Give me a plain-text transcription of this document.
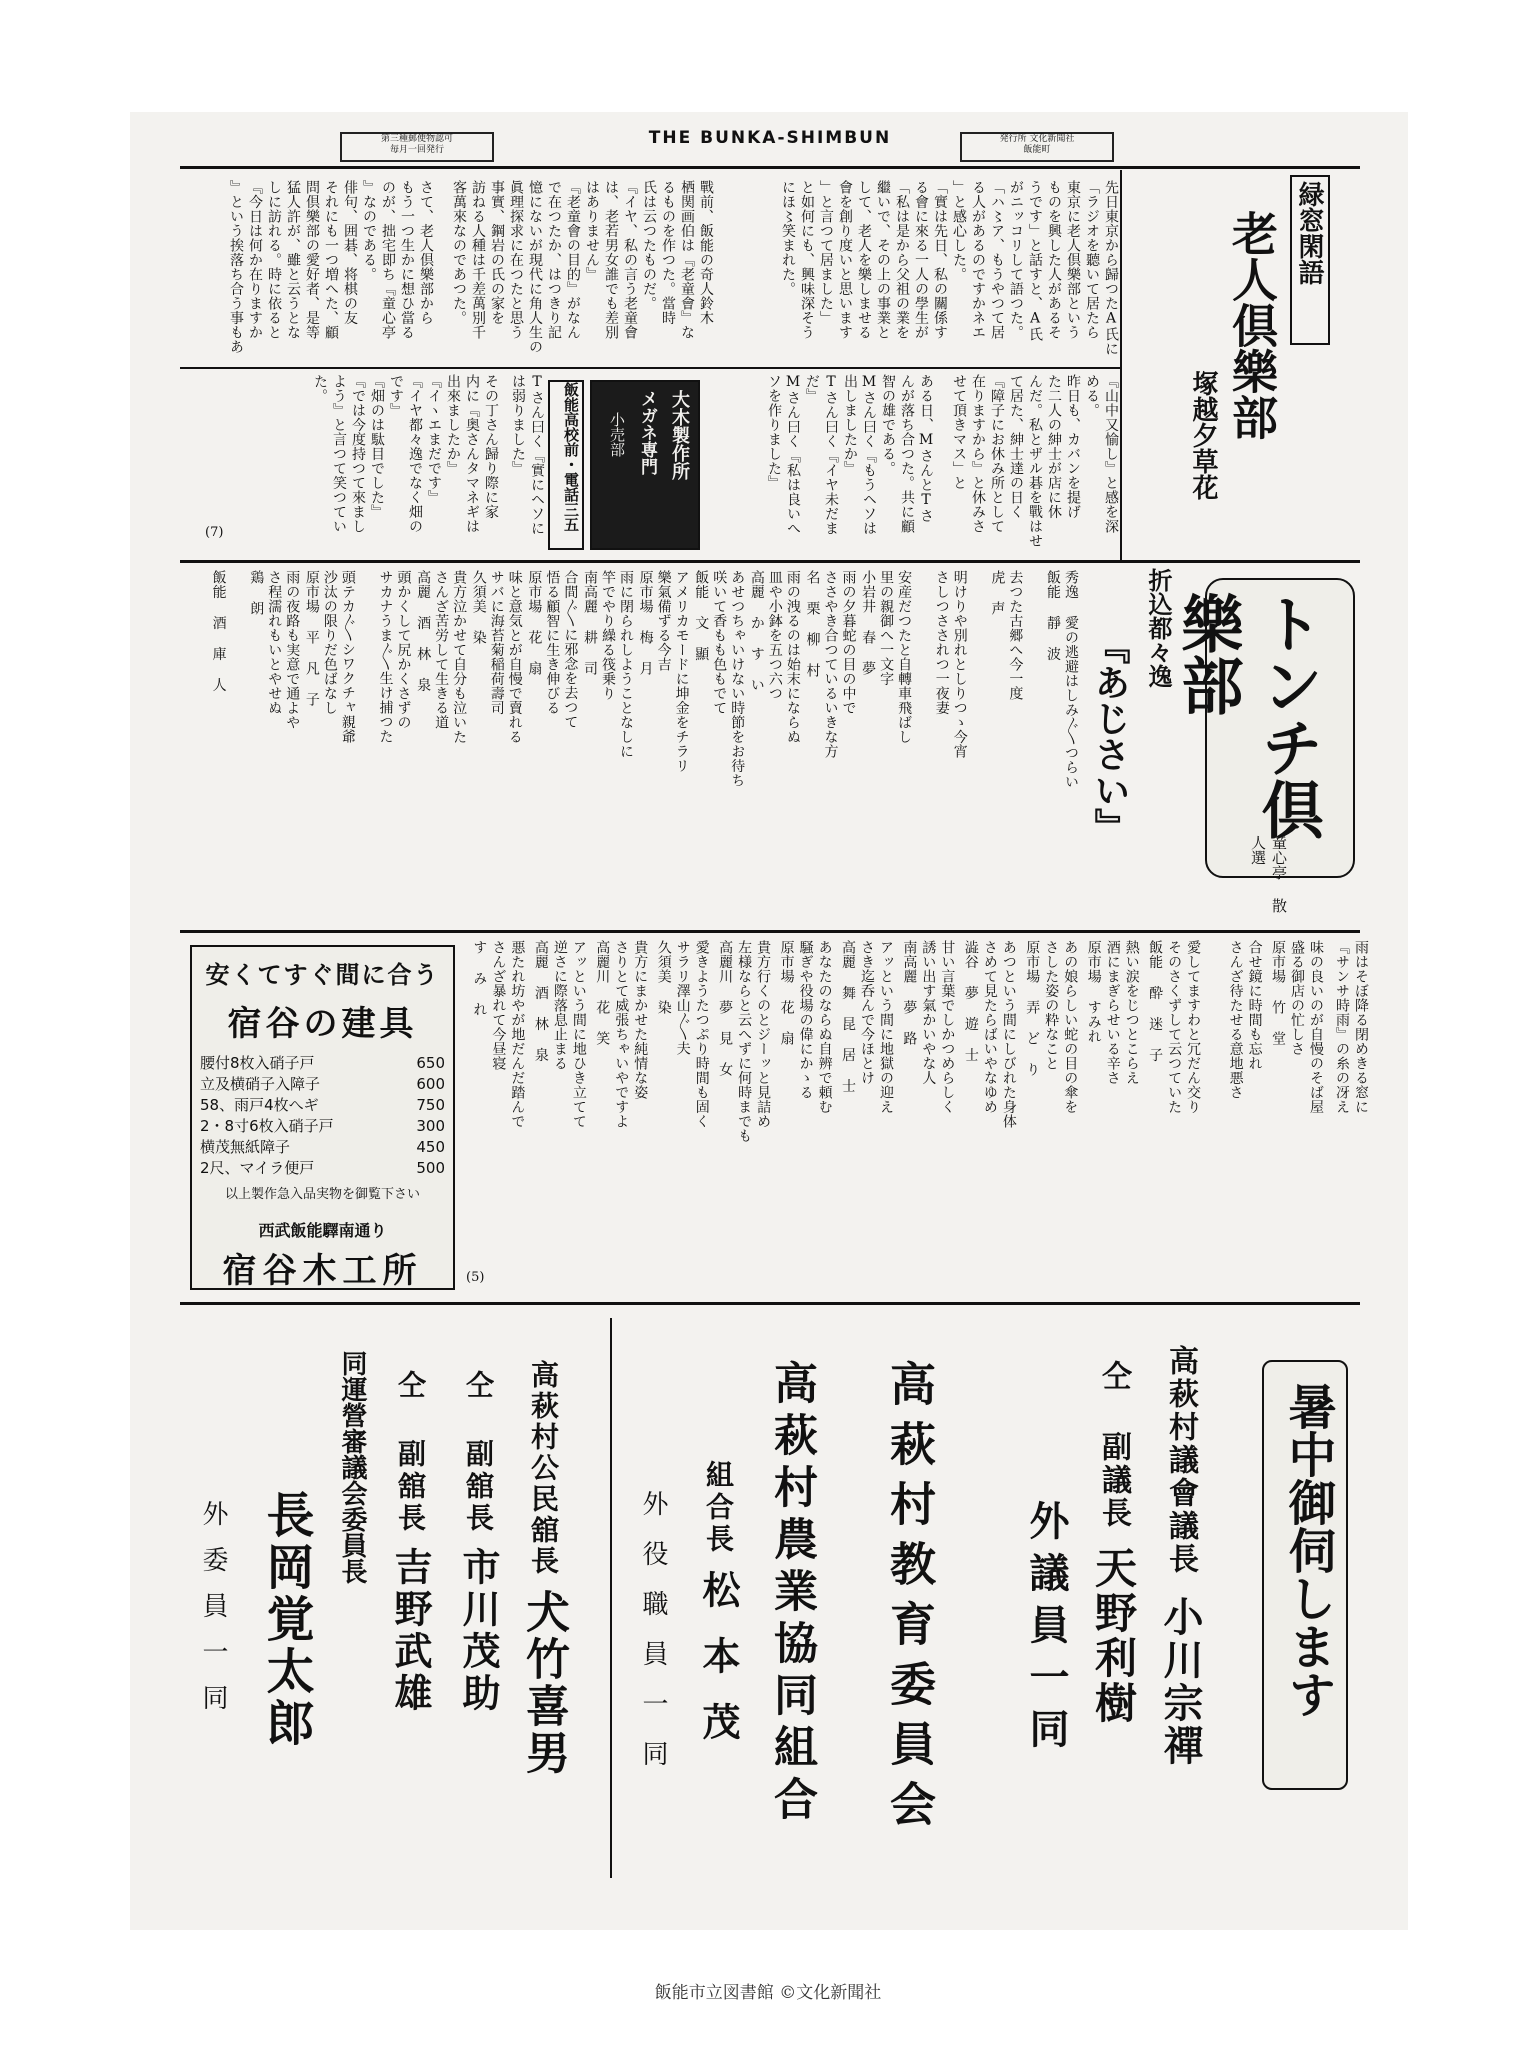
第三種郵便物認可
毎月一回発行
THE BUNKA-SHIMBUN	発行所 文化新聞社
飯能町
緑窓閑語
老人倶樂部
塚越夕草花
先日東京から歸つたA氏に
「ラジオを聽いて居たら
東京に老人倶樂部という
ものを興した人があるそ
うです」と話すと、A氏
がニッコリして語つた。
「ハ〻ア、もうやつて居
る人があるのですかネエ
」と感心した。
「實は先日、私の關係す
る會に來る一人の學生が
「私は是から父祖の業を
繼いで、その上の事業と
して、老人を樂しませる
會を創り度いと思います
」と言つて居ました」
と如何にも、興味深そう
にほ〻笑まれた。
戰前、飯能の奇人鈴木
栖関画伯は『老童會』な
るものを作つた。當時
氏は云つたものだ。
『イヤ、私の言う老童會
は、老若男女誰でも差別
はありません』
『老童會の目的』がなん
で在つたか、はつきり記
憶にないが現代に角人生の
眞理探求に在つたと思う
事實、鋼岩の氏の家を
訪ねる人種は千差萬別千
客萬來なのであつた。
さて、老人倶樂部から
もう一つ生かに想ひ當る
のが、拙宅即ち『童心亭
』なのである。
俳句、囲碁、将棋の友
それにも一つ増へた、顧
問倶樂部の愛好者、是等
猛人許が、雖と云うとな
しに訪れる。時に依ると
『今日は何か在りますか
』という挨落ち合う事もあ
『山中又愉し』と感を深
める。
昨日も、カバンを提げ
た二人の紳士が店に休
んだ。私とザル碁を戰はせ
て居た、紳士達の日く
『障子にお休み所として
在りますから』と休みさ
せて頂きマス」と
ある日、MさんとTさ
んが落ち合つた。共に顧
智の雄である。
Mさん曰く『もうヘソは
出しましたか』
Tさん曰く『イヤ未だま
だ』
Mさん曰く『私は良いへ
ソを作りました』
大木製作所
メガネ専門
小売部
飯能高校前・電話三五
Tさん曰く『實にヘソに
は弱りました』
その丁さん歸り際に家
内に『奥さんタマネギは
出來ましたか』
『イヽエまだです』
『イヤ都々逸でなく畑の
です』
『畑のは駄目でした』
『では今度持つて來まし
よう』と言つて笑つてい
た。
(7)
トンチ倶樂部
童心亭 散人選
折込都々逸
『あじさい』
秀逸 愛の逃避はしみ〲つらい
飯能 靜 波
去つた古郷へ今一度
虎 声
明けりや別れとしりつゝ今宵
さしつさされつ一夜妻

安産だつたと自轉車飛ばし
里の親御へ一文字
小岩井 春 夢
雨の夕暮蛇の目の中で
ささやき合つているいきな方
名 栗 柳 村
雨の洩るのは始末にならぬ
皿や小鉢を五つ六つ
高麗 か す い
あせつちゃいけない時節をお待ち
咲いて香もも色もでて
飯能 文 顯
アメリカモードに坤金をチラリ
樂氣備ずる今吉
原市場 梅 月
雨に閉られしようことなしに
竿でやり繰る筏乗り
南高麗 耕 司
合間〲に邪念を去つて
悟る顧智に生き伸びる
原市場 花 扇
味と意気とが自慢で賣れる
サバに海苔菊稲荷壽司
久須美 染
貴方泣かせて自分も泣いた
さんざ苦労して生きる道
高麗 酒 林 泉
頭かくして尻かくさずの
サカナうま〲生け捕つた

頭テカ〲シワクチャ親爺
沙汰の限りだ色ばなし
原市場 平 凡 子
雨の夜路も実意で通よや
さ程濡れもいとやせぬ
鶏 朗

飯能 酒 庫 人
安くてすぐ間に合う
宿谷の建具
腰付8枚入硝子戸	650
立及横硝子入障子	600
58、雨戸4枚へギ	750
2・8寸6枚入硝子戸	300
横茂無紙障子	450
2尺、マイラ便戸	500
以上製作急入品実物を御覧下さい
西武飯能驛南通り
宿谷木工所
雨はそぼ降る閉めきる窓に
『サンサ時雨』の糸の冴え
味の良いのが自慢のそば屋
盛る御店の忙しさ
原市場 竹 堂
合せ鏡に時間も忘れ
さんざ待たせる意地悪さ

愛してますわと冗だん交り
そのさくずして云つていた
飯能 酔 迷 子
熱い涙をじつとこらえ
酒にまぎらせいる辛さ
原市場 すみれ
あの娘らしい蛇の目の傘を
さした姿の粋なこと
原市場 弄 ど り
あつという間にしびれた身体
さめて見たらばいやなゆめ
澁谷 夢 遊 士
甘い言葉でしかつめらしく
誘い出す氣かいやな人
南高麗 夢 路
アッという間に地獄の迎え
さき迄呑んで今ほとけ
高麗 舞 昆 居 士
あなたのならぬ自辨で頼む
騒ぎや役場の偉にかゝる
原市場 花 扇
貴方行くのとジーッと見詰め
左様ならと云へずに何時までも
高麗川 夢 見 女
愛きようたつぷり時間も固く
サラリ澤山〲夫
久須美 染
貴方にまかせた純情な姿
さりとて威張ちゃいやですよ
高麗川 花 笑
アッという間に地ひき立てて
逆さに際落息止まる
高麗 酒 林 泉
悪たれ坊やが地だんだ踏んで
さんざ暴れて今昼寝
す み れ
(5)
暑中御伺します
高萩村議會議長小川宗禪
仝 副議長天野利樹
外議員一同
高萩村教育委員会
高萩村農業協同組合
組合長松本茂
外役職員一同
高萩村公民舘長犬竹喜男
仝 副舘長市川茂助
仝 副舘長吉野武雄
同運營審議会委員長
長岡覚太郎
外委員一同
飯能市立図書館 ©文化新聞社
